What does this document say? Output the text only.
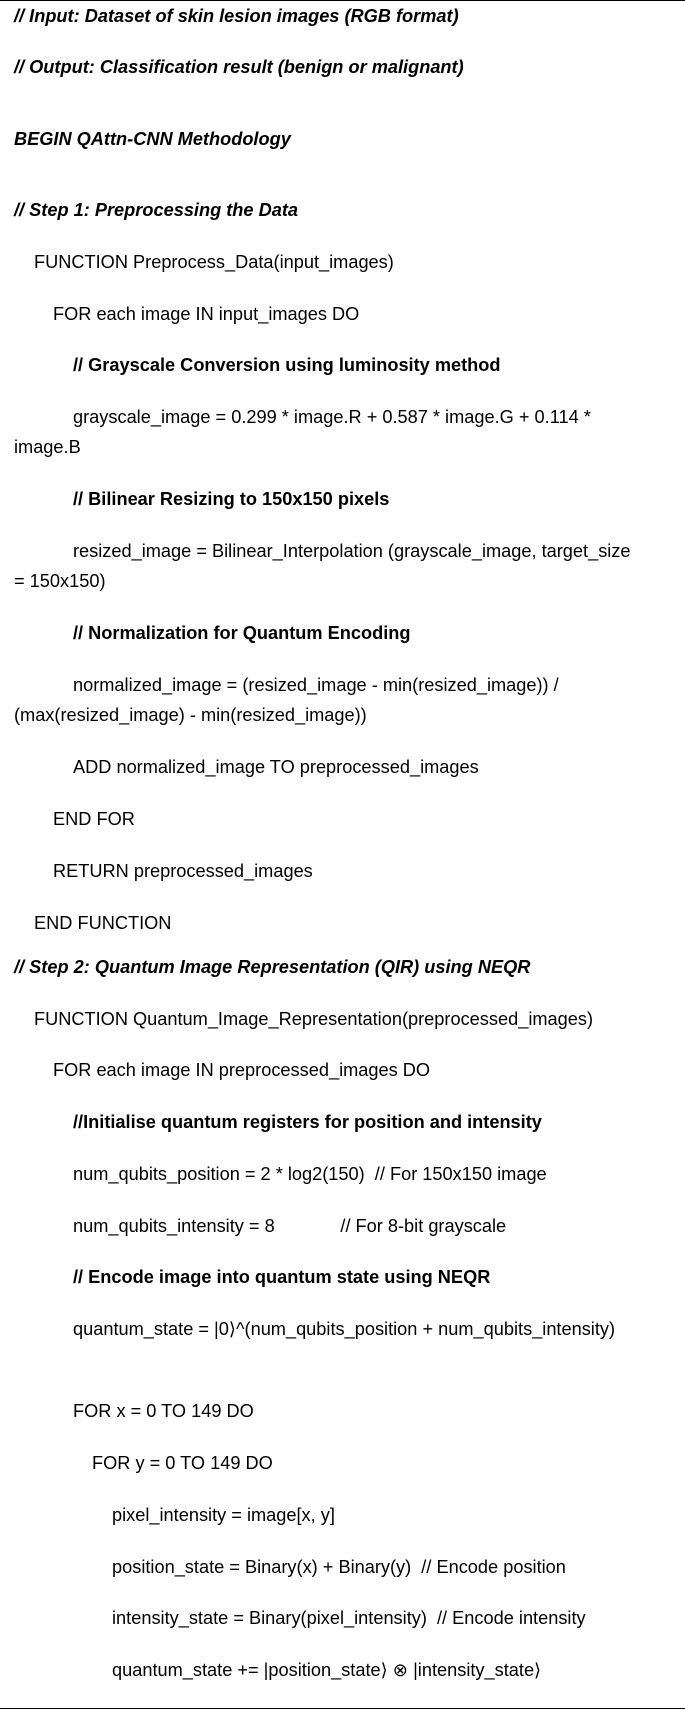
// Input: Dataset of skin lesion images (RGB format)
// Output: Classification result (benign or malignant)
BEGIN QAttn-CNN Methodology
// Step 1: Preprocessing the Data
FUNCTION Preprocess_Data(input_images)
FOR each image IN input_images DO
// Grayscale Conversion using luminosity method
grayscale_image = 0.299 * image.R + 0.587 * image.G + 0.114 * image.B
// Bilinear Resizing to 150x150 pixels
resized_image = Bilinear_Interpolation (grayscale_image, target_size = 150x150)
// Normalization for Quantum Encoding
normalized_image = (resized_image - min(resized_image)) / (max(resized_image) - min(resized_image))
ADD normalized_image TO preprocessed_images
END FOR
RETURN preprocessed_images
END FUNCTION
// Step 2: Quantum Image Representation (QIR) using NEQR
FUNCTION Quantum_Image_Representation(preprocessed_images)
FOR each image IN preprocessed_images DO
//Initialise quantum registers for position and intensity
num_qubits_position = 2 * log2(150)  // For 150x150 image
num_qubits_intensity = 8             // For 8-bit grayscale
// Encode image into quantum state using NEQR
quantum_state = |0⟩^(num_qubits_position + num_qubits_intensity)
FOR x = 0 TO 149 DO
FOR y = 0 TO 149 DO
pixel_intensity = image[x, y]
position_state = Binary(x) + Binary(y)  // Encode position
intensity_state = Binary(pixel_intensity)  // Encode intensity
quantum_state += |position_state⟩ ⊗ |intensity_state⟩
